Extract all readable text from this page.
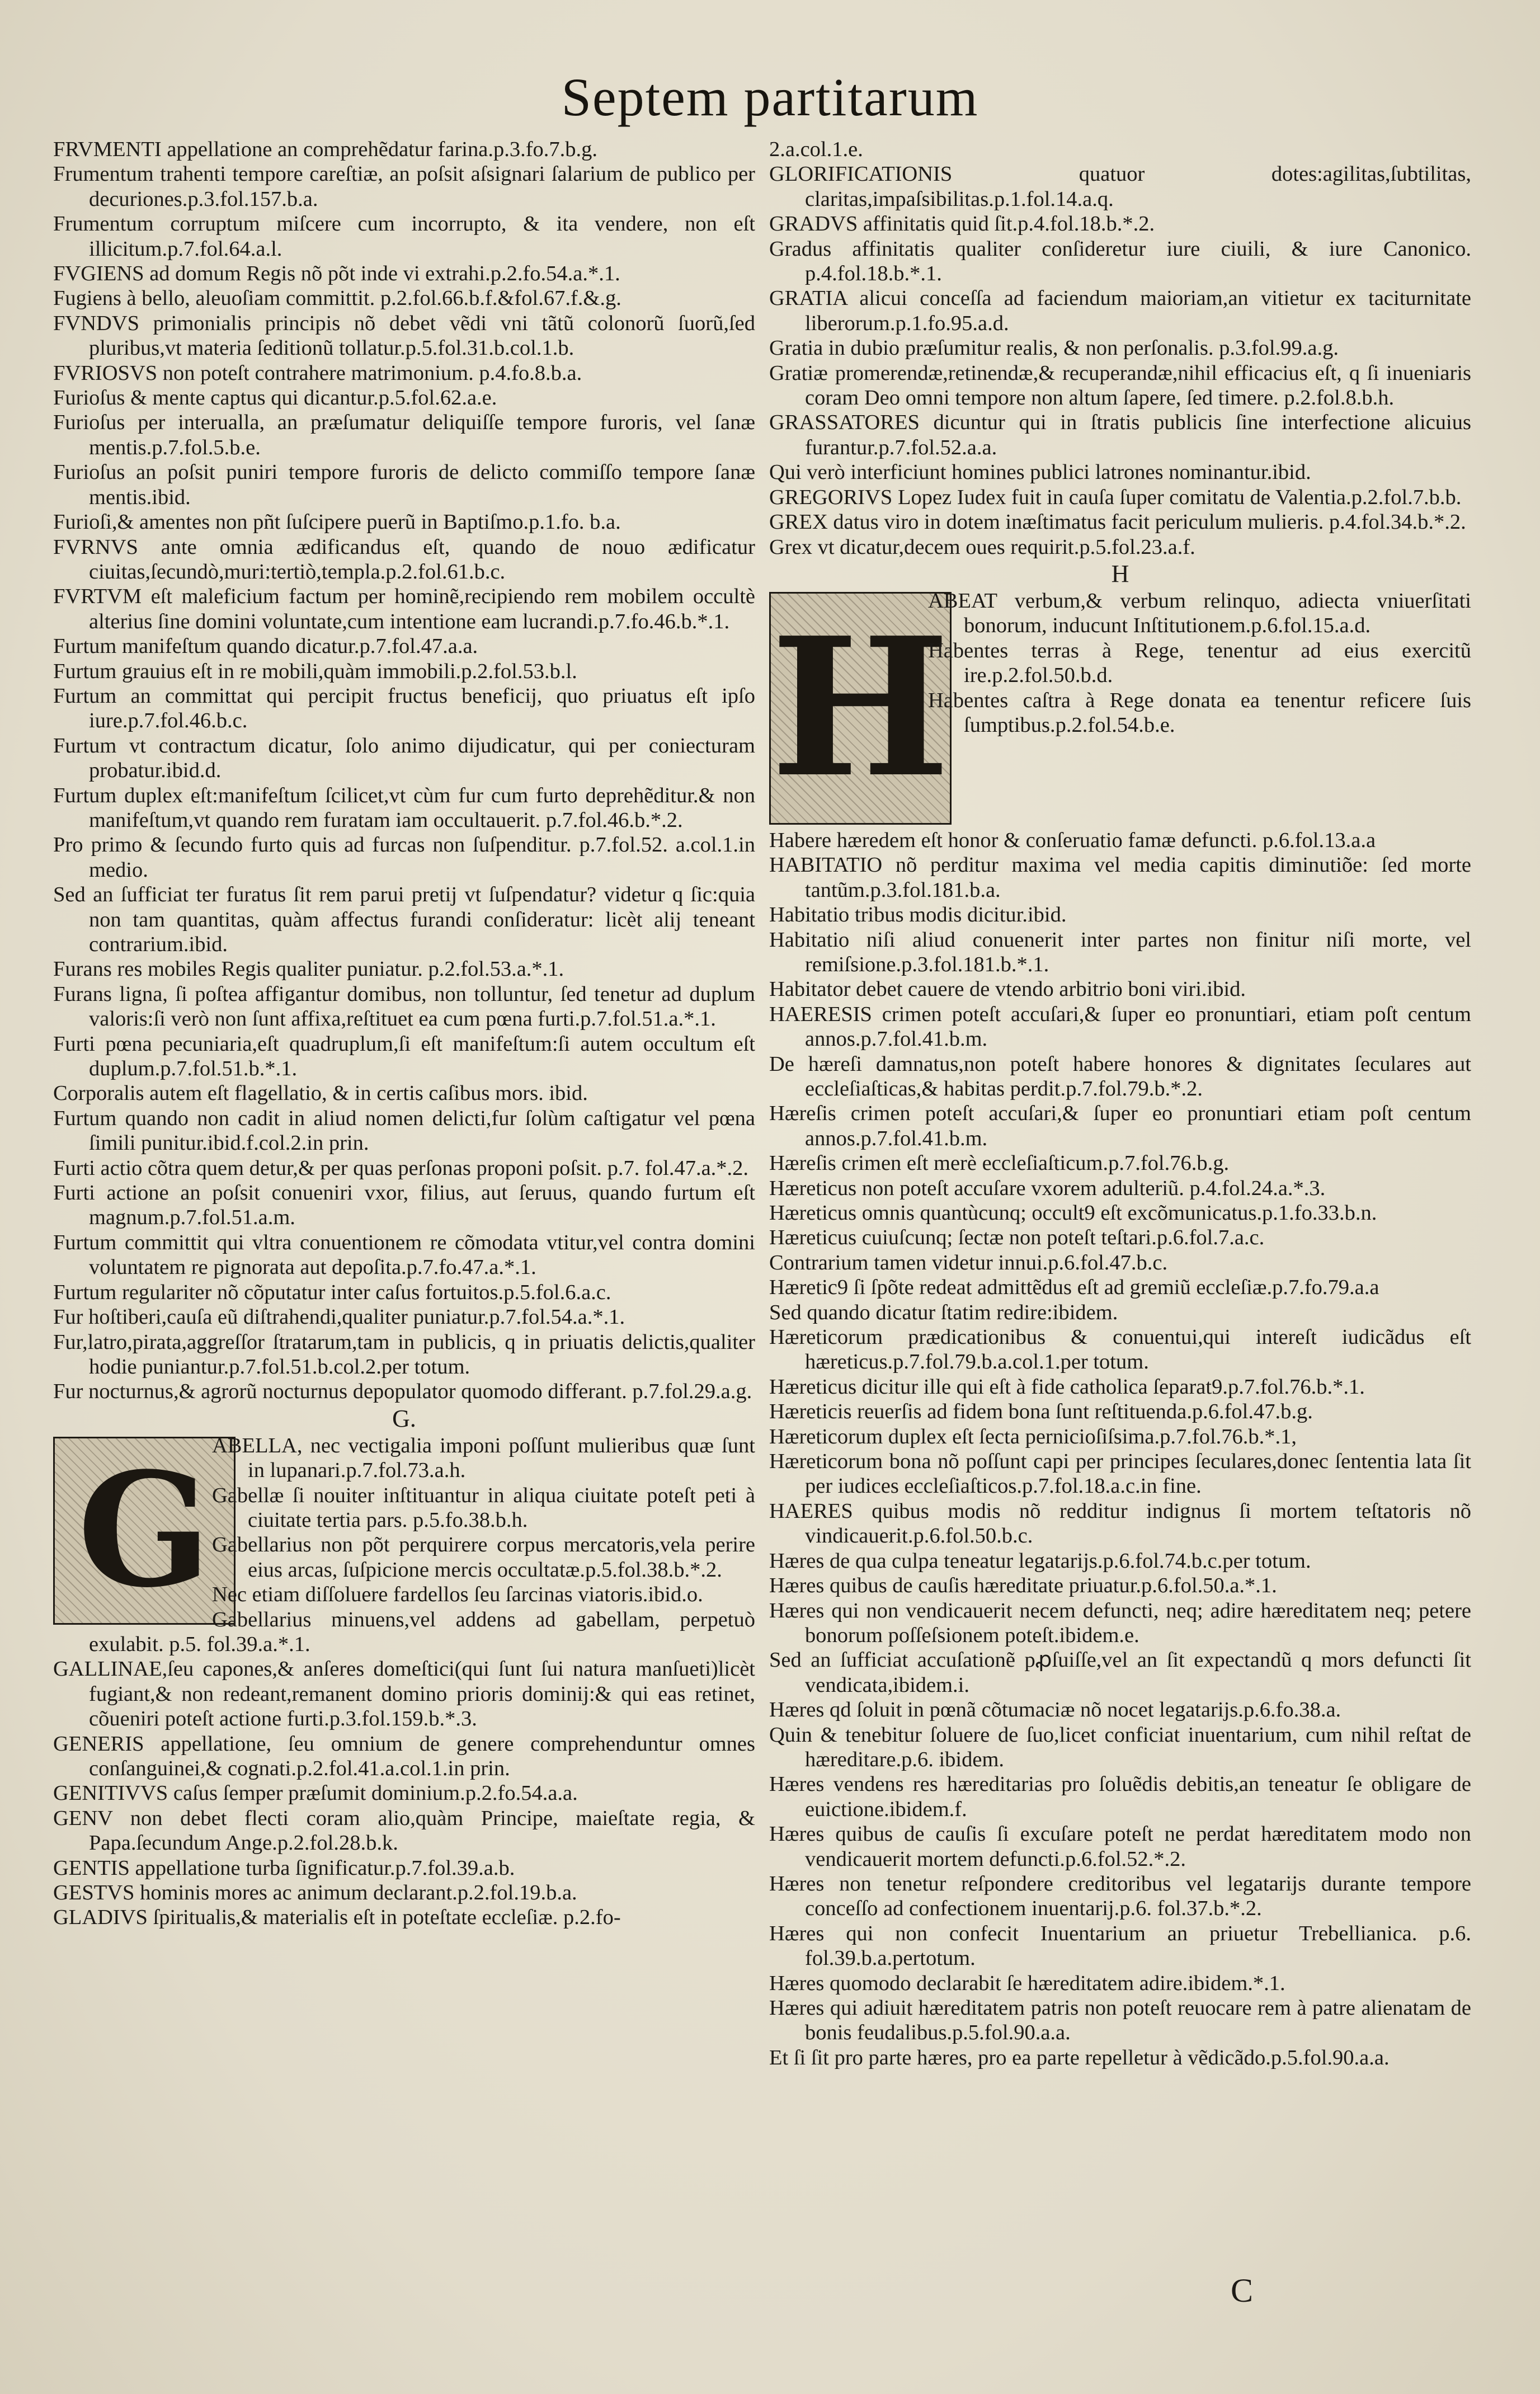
Septem partitarum

FRVMENTI appellatione an comprehẽdatur farina.p.3.fo.7.b.g.

Frumentum trahenti tempore careſtiæ, an poſsit aſsignari ſalarium de publico per decuriones.p.3.fol.157.b.a.

Frumentum corruptum miſcere cum incorrupto, & ita vendere, non eſt illicitum.p.7.fol.64.a.l.

FVGIENS ad domum Regis nõ põt inde vi extrahi.p.2.fo.54.a.*.1.

Fugiens à bello, aleuoſiam committit. p.2.fol.66.b.f.&fol.67.f.&.g.

FVNDVS primonialis principis nõ debet vẽdi vni tãtũ colonorũ ſuorũ,ſed pluribus,vt materia ſeditionũ tollatur.p.5.fol.31.b.col.1.b.

FVRIOSVS non poteſt contrahere matrimonium. p.4.fo.8.b.a.

Furioſus & mente captus qui dicantur.p.5.fol.62.a.e.

Furioſus per interualla, an præſumatur deliquiſſe tempore furoris, vel ſanæ mentis.p.7.fol.5.b.e.

Furioſus an poſsit puniri tempore furoris de delicto commiſſo tempore ſanæ mentis.ibid.

Furioſi,& amentes non pñt ſuſcipere puerũ in Baptiſmo.p.1.fo. b.a.

FVRNVS ante omnia ædificandus eſt, quando de nouo ædificatur ciuitas,ſecundò,muri:tertiò,templa.p.2.fol.61.b.c.

FVRTVM eſt maleficium factum per hominẽ,recipiendo rem mobilem occultè alterius ſine domini voluntate,cum intentione eam lucrandi.p.7.fo.46.b.*.1.

Furtum manifeſtum quando dicatur.p.7.fol.47.a.a.

Furtum grauius eſt in re mobili,quàm immobili.p.2.fol.53.b.l.

Furtum an committat qui percipit fructus beneficij, quo priuatus eſt ipſo iure.p.7.fol.46.b.c.

Furtum vt contractum dicatur, ſolo animo dijudicatur, qui per coniecturam probatur.ibid.d.

Furtum duplex eſt:manifeſtum ſcilicet,vt cùm fur cum furto deprehẽditur.& non manifeſtum,vt quando rem furatam iam occultauerit. p.7.fol.46.b.*.2.

Pro primo & ſecundo furto quis ad furcas non ſuſpenditur. p.7.fol.52. a.col.1.in medio.

Sed an ſufficiat ter furatus ſit rem parui pretij vt ſuſpendatur? videtur q ſic:quia non tam quantitas, quàm affectus furandi conſideratur: licèt alij teneant contrarium.ibid.

Furans res mobiles Regis qualiter puniatur. p.2.fol.53.a.*.1.

Furans ligna, ſi poſtea affigantur domibus, non tolluntur, ſed tenetur ad duplum valoris:ſi verò non ſunt affixa,reſtituet ea cum pœna furti.p.7.fol.51.a.*.1.

Furti pœna pecuniaria,eſt quadruplum,ſi eſt manifeſtum:ſi autem occultum eſt duplum.p.7.fol.51.b.*.1.

Corporalis autem eſt flagellatio, & in certis caſibus mors. ibid.

Furtum quando non cadit in aliud nomen delicti,fur ſolùm caſtigatur vel pœna ſimili punitur.ibid.f.col.2.in prin.

Furti actio cõtra quem detur,& per quas perſonas proponi poſsit. p.7. fol.47.a.*.2.

Furti actione an poſsit conueniri vxor, filius, aut ſeruus, quando furtum eſt magnum.p.7.fol.51.a.m.

Furtum committit qui vltra conuentionem re cõmodata vtitur,vel contra domini voluntatem re pignorata aut depoſita.p.7.fo.47.a.*.1.

Furtum regulariter nõ cõputatur inter caſus fortuitos.p.5.fol.6.a.c.

Fur hoſtiberi,cauſa eũ diſtrahendi,qualiter puniatur.p.7.fol.54.a.*.1.

Fur,latro,pirata,aggreſſor ſtratarum,tam in publicis, q in priuatis delictis,qualiter hodie puniantur.p.7.fol.51.b.col.2.per totum.

Fur nocturnus,& agrorũ nocturnus depopulator quomodo differant. p.7.fol.29.a.g.

G.
G ABELLA, nec vectigalia imponi poſſunt mulieribus quæ ſunt in lupanari.p.7.fol.73.a.h.

Gabellæ ſi nouiter inſtituantur in aliqua ciuitate poteſt peti à ciuitate tertia pars. p.5.fo.38.b.h.

Gabellarius non põt perquirere corpus mercatoris,vela perire eius arcas, ſuſpicione mercis occultatæ.p.5.fol.38.b.*.2.

Nec etiam diſſoluere fardellos ſeu ſarcinas viatoris.ibid.o.

Gabellarius minuens,vel addens ad gabellam, perpetuò exulabit. p.5. fol.39.a.*.1.

GALLINAE,ſeu capones,& anſeres domeſtici(qui ſunt ſui natura manſueti)licèt fugiant,& non redeant,remanent domino prioris dominij:& qui eas retinet, cõueniri poteſt actione furti.p.3.fol.159.b.*.3.

GENERIS appellatione, ſeu omnium de genere comprehenduntur omnes conſanguinei,& cognati.p.2.fol.41.a.col.1.in prin.

GENITIVVS caſus ſemper præſumit dominium.p.2.fo.54.a.a.

GENV non debet flecti coram alio,quàm Principe, maieſtate regia, & Papa.ſecundum Ange.p.2.fol.28.b.k.

GENTIS appellatione turba ſignificatur.p.7.fol.39.a.b.

GESTVS hominis mores ac animum declarant.p.2.fol.19.b.a.

GLADIVS ſpiritualis,& materialis eſt in poteſtate eccleſiæ. p.2.fo-

2.a.col.1.e.

GLORIFICATIONIS quatuor dotes:agilitas,ſubtilitas, claritas,impaſsibilitas.p.1.fol.14.a.q.

GRADVS affinitatis quid ſit.p.4.fol.18.b.*.2.

Gradus affinitatis qualiter conſideretur iure ciuili, & iure Canonico. p.4.fol.18.b.*.1.

GRATIA alicui conceſſa ad faciendum maioriam,an vitietur ex taciturnitate liberorum.p.1.fo.95.a.d.

Gratia in dubio præſumitur realis, & non perſonalis. p.3.fol.99.a.g.

Gratiæ promerendæ,retinendæ,& recuperandæ,nihil efficacius eſt, q ſi inueniaris coram Deo omni tempore non altum ſapere, ſed timere. p.2.fol.8.b.h.

GRASSATORES dicuntur qui in ſtratis publicis ſine interfectione alicuius furantur.p.7.fol.52.a.a.

Qui verò interficiunt homines publici latrones nominantur.ibid.

GREGORIVS Lopez Iudex fuit in cauſa ſuper comitatu de Valentia.p.2.fol.7.b.b.

GREX datus viro in dotem inæſtimatus facit periculum mulieris. p.4.fol.34.b.*.2.

Grex vt dicatur,decem oues requirit.p.5.fol.23.a.f.

H
H

ABEAT verbum,& verbum relinquo, adiecta vniuerſitati bonorum, inducunt Inſtitutionem.p.6.fol.15.a.d.

Habentes terras à Rege, tenentur ad eius exercitũ ire.p.2.fol.50.b.d.

Habentes caſtra à Rege donata ea tenentur reficere ſuis ſumptibus.p.2.fol.54.b.e.

Habere hæredem eſt honor & conſeruatio famæ defuncti. p.6.fol.13.a.a

HABITATIO nõ perditur maxima vel media capitis diminutiõe: ſed morte tantũm.p.3.fol.181.b.a.

Habitatio tribus modis dicitur.ibid.

Habitatio niſi aliud conuenerit inter partes non finitur niſi morte, vel remiſsione.p.3.fol.181.b.*.1.

Habitator debet cauere de vtendo arbitrio boni viri.ibid.

HAERESIS crimen poteſt accuſari,& ſuper eo pronuntiari, etiam poſt centum annos.p.7.fol.41.b.m.

De hæreſi damnatus,non poteſt habere honores & dignitates ſeculares aut eccleſiaſticas,& habitas perdit.p.7.fol.79.b.*.2.

Hæreſis crimen poteſt accuſari,& ſuper eo pronuntiari etiam poſt centum annos.p.7.fol.41.b.m.

Hæreſis crimen eſt merè eccleſiaſticum.p.7.fol.76.b.g.

Hæreticus non poteſt accuſare vxorem adulteriũ. p.4.fol.24.a.*.3.

Hæreticus omnis quantùcunq; occult9 eſt excõmunicatus.p.1.fo.33.b.n.

Hæreticus cuiuſcunq; ſectæ non poteſt teſtari.p.6.fol.7.a.c.

Contrarium tamen videtur innui.p.6.fol.47.b.c.

Hæretic9 ſi ſpõte redeat admittẽdus eſt ad gremiũ eccleſiæ.p.7.fo.79.a.a

Sed quando dicatur ſtatim redire:ibidem.

Hæreticorum prædicationibus & conuentui,qui intereſt iudicãdus eſt hæreticus.p.7.fol.79.b.a.col.1.per totum.

Hæreticus dicitur ille qui eſt à fide catholica ſeparat9.p.7.fol.76.b.*.1.

Hæreticis reuerſis ad fidem bona ſunt reſtituenda.p.6.fol.47.b.g.

Hæreticorum duplex eſt ſecta pernicioſiſsima.p.7.fol.76.b.*.1,

Hæreticorum bona nõ poſſunt capi per principes ſeculares,donec ſententia lata ſit per iudices eccleſiaſticos.p.7.fol.18.a.c.in fine.

HAERES quibus modis nõ redditur indignus ſi mortem teſtatoris nõ vindicauerit.p.6.fol.50.b.c.

Hæres de qua culpa teneatur legatarijs.p.6.fol.74.b.c.per totum.

Hæres quibus de cauſis hæreditate priuatur.p.6.fol.50.a.*.1.

Hæres qui non vendicauerit necem defuncti, neq; adire hæreditatem neq; petere bonorum poſſeſsionem poteſt.ibidem.e.

Sed an ſufficiat accuſationẽ pꝓſuiſſe,vel an ſit expectandũ q mors defuncti ſit vendicata,ibidem.i.

Hæres qd ſoluit in pœnã cõtumaciæ nõ nocet legatarijs.p.6.fo.38.a.

Quin & tenebitur ſoluere de ſuo,licet conficiat inuentarium, cum nihil reſtat de hæreditare.p.6. ibidem.

Hæres vendens res hæreditarias pro ſoluẽdis debitis,an teneatur ſe obligare de euictione.ibidem.f.

Hæres quibus de cauſis ſi excuſare poteſt ne perdat hæreditatem modo non vendicauerit mortem defuncti.p.6.fol.52.*.2.

Hæres non tenetur reſpondere creditoribus vel legatarijs durante tempore conceſſo ad confectionem inuentarij.p.6. fol.37.b.*.2.

Hæres qui non confecit Inuentarium an priuetur Trebellianica. p.6. fol.39.b.a.pertotum.

Hæres quomodo declarabit ſe hæreditatem adire.ibidem.*.1.

Hæres qui adiuit hæreditatem patris non poteſt reuocare rem à patre alienatam de bonis feudalibus.p.5.fol.90.a.a.

Et ſi ſit pro parte hæres, pro ea parte repelletur à vẽdicãdo.p.5.fol.90.a.a.

C
